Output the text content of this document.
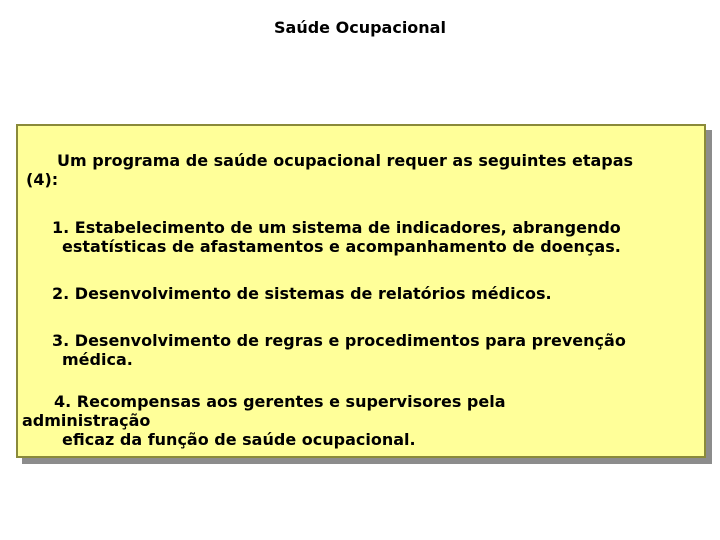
Saúde Ocupacional
Um programa de saúde ocupacional requer as seguintes etapas
(4):
1. Estabelecimento de um sistema de indicadores, abrangendo
estatísticas de afastamentos e acompanhamento de doenças.
2. Desenvolvimento de sistemas de relatórios médicos.
3. Desenvolvimento de regras e procedimentos para prevenção
médica.
4. Recompensas aos gerentes e supervisores pela
administração
eficaz da função de saúde ocupacional.
